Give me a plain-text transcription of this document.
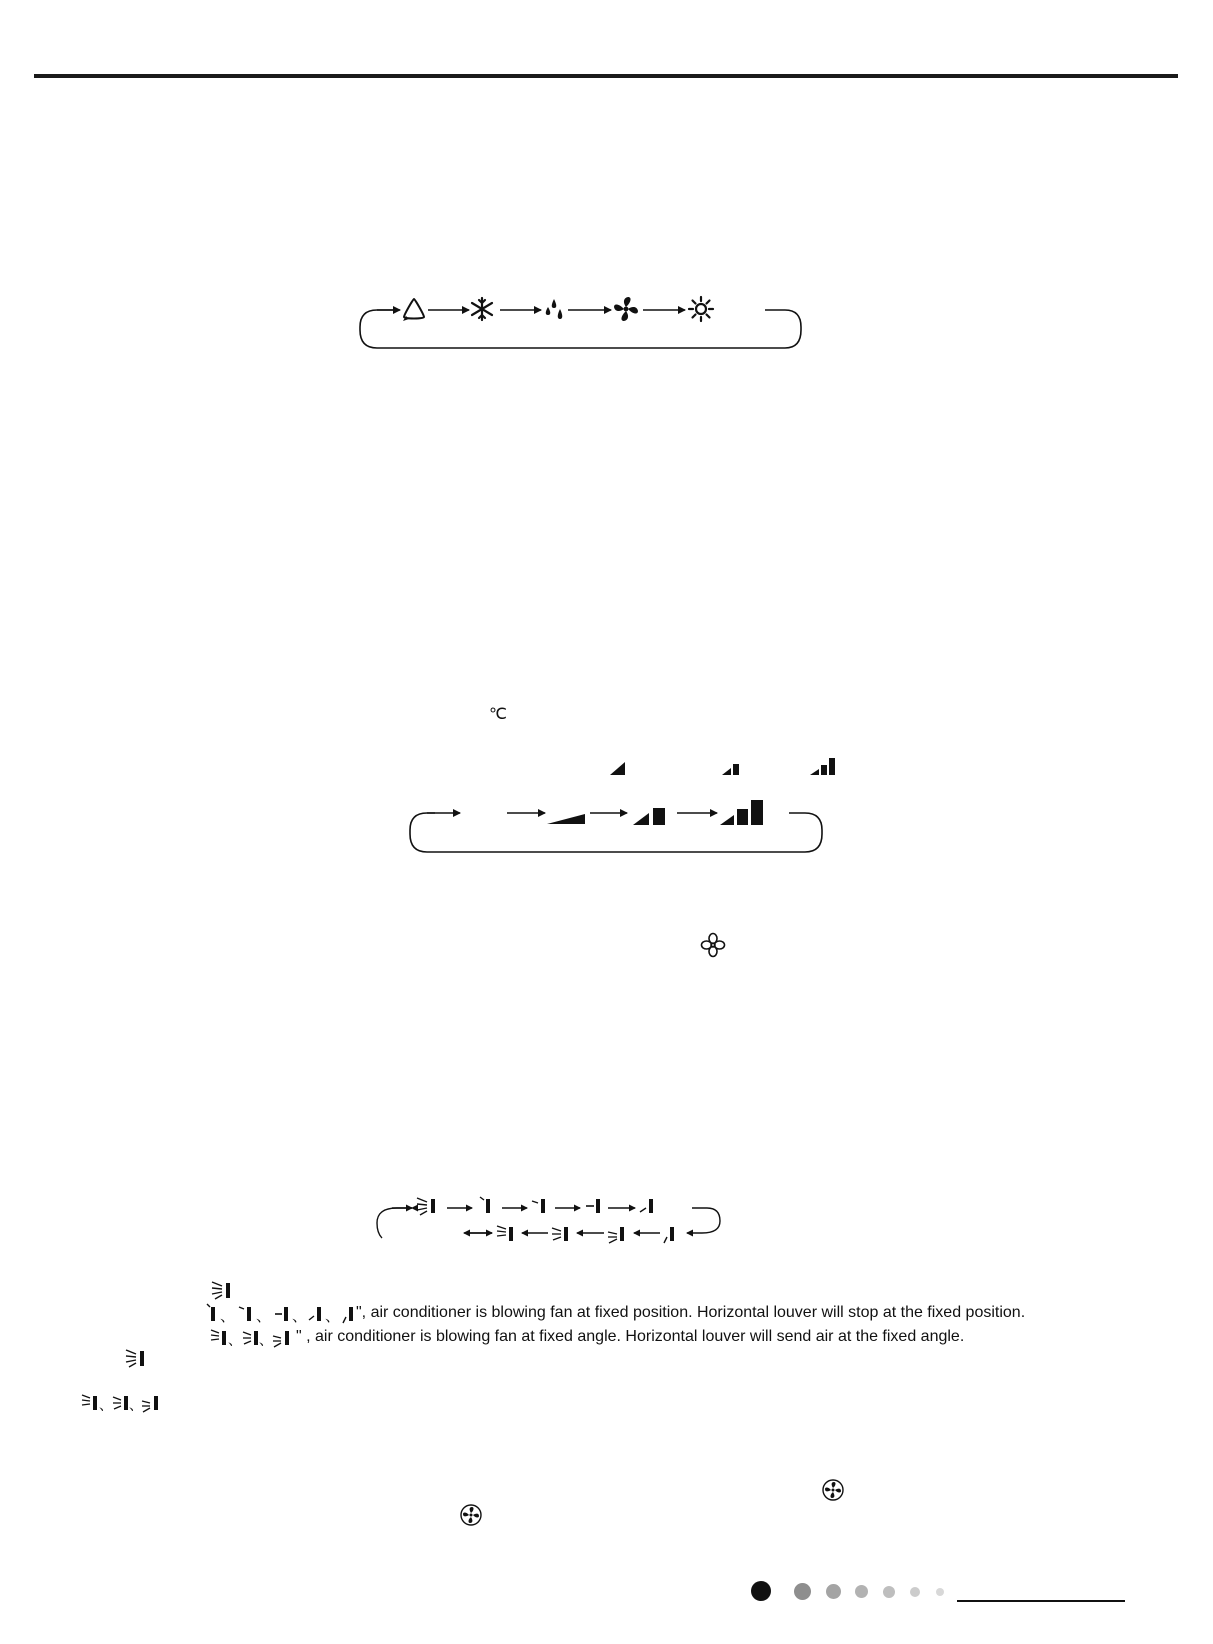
℃
、 、 、 、 ", air conditioner is blowing fan at fixed position. Horizontal louver will stop at the fixed position.
、 、 " , air conditioner is blowing fan at fixed angle. Horizontal louver will send air at the fixed angle.
、 、
